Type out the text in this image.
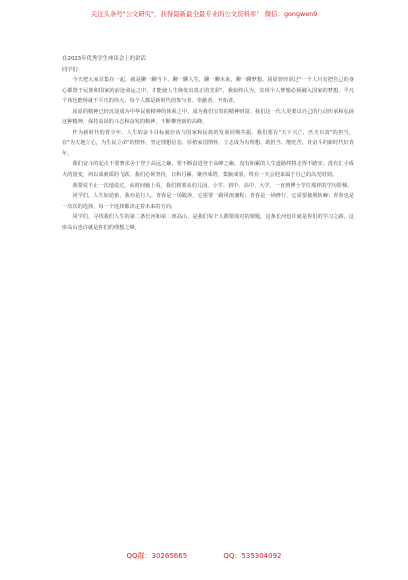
关注头条号"公文研究"，获得最新最全最专业的公文资料库！ 微信：gongwen9

在2023年优秀学生座谈会上的讲话

同学们：

今天把大家召集在一起，就是聊一聊当下，聊一聊人生，聊一聊未来，聊一聊梦想。屈原曾经说过"一个人只有把自己的身心都置于民族和国家的前途命运之中，才能使人生焕发出真正的光彩"。我始终认为，实现个人梦想必须融入国家的梦想，平凡个体也能铸就不平凡的伟大，每个人都是新时代的参与者、奉献者、开拓者。

屈原的精神已经沉淀成为中华民族精神的体系之中，成为我们宝贵的精神财富。我们这一代人更要以自己的行动传承和弘扬这种精神，保持高昂的斗志和奋发的精神，不断攀登新的高峰。

作为新时代的青少年，人生的奋斗目标就应该与国家和民族的发展同频共振。我们要有"天下兴亡，匹夫有责"的担当，有"为天地立心，为生民立命"的情怀，坚定理想信念，厚植家国情怀，立志成为有理想、敢担当、能吃苦、肯奋斗的新时代好青年。

我们奋斗的起点不要奢求舍于登于高远之巅，要不断奋进登于高峰之巅，没有积累的人生道路终将走得不踏实；没有汇小成大的量变，何以成就质的飞跃。我们必须坚持，日积月累，聚沙成塔，集腋成裘，终有一天会迎来属于自己的高光时刻。

我要说不止一次地说过，从时间轴上看，我们将要从幼儿园、小学、初中、高中、大学，一直到博士学位那样的学历阶梯。

同学们，人生如逆旅，我亦是行人。青春是一场跋涉，它需要一路风雨兼程；青春是一场修行，它需要披荆斩棘；青春也是一次次的选择，每一个选择都决定着未来的方向。

同学们，寻找我们人生的第二条长河和第二座高山，是我们每个人都要面对的课题。这条长河也许就是你们的学习之路，这座高山也许就是你们的理想之峰。

QQ群：30265665	QQ：535304092
